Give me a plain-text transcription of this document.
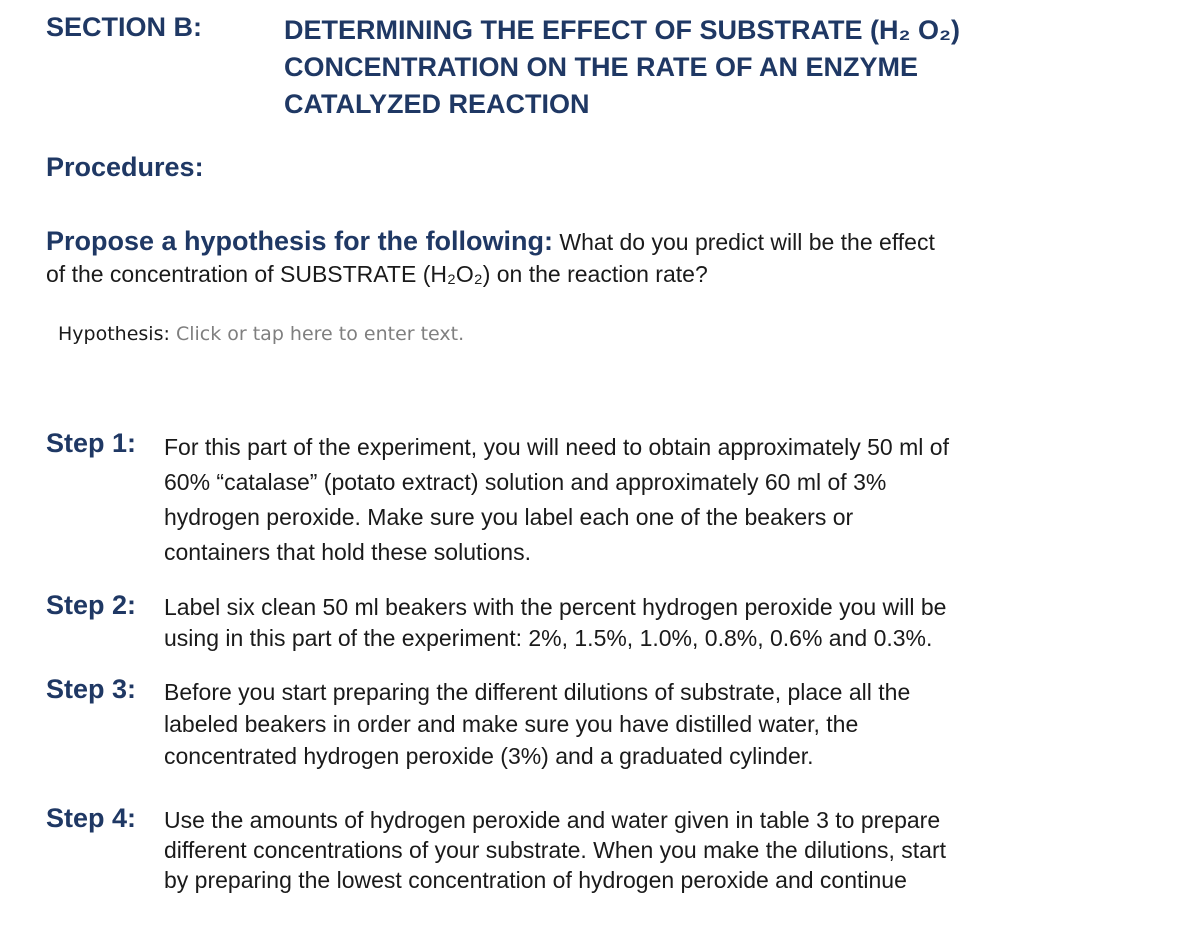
SECTION B:	DETERMINING THE EFFECT OF SUBSTRATE (H₂ O₂)
CONCENTRATION ON THE RATE OF AN ENZYME
CATALYZED REACTION
Procedures:
Propose a hypothesis for the following: What do you predict will be the effect
of the concentration of SUBSTRATE (H₂O₂) on the reaction rate?
Hypothesis: Click or tap here to enter text.
Step 1: For this part of the experiment, you will need to obtain approximately 50 ml of
60% “catalase” (potato extract) solution and approximately 60 ml of 3%
hydrogen peroxide. Make sure you label each one of the beakers or
containers that hold these solutions.
Step 2: Label six clean 50 ml beakers with the percent hydrogen peroxide you will be
using in this part of the experiment: 2%, 1.5%, 1.0%, 0.8%, 0.6% and 0.3%.
Step 3: Before you start preparing the different dilutions of substrate, place all the
labeled beakers in order and make sure you have distilled water, the
concentrated hydrogen peroxide (3%) and a graduated cylinder.
Step 4: Use the amounts of hydrogen peroxide and water given in table 3 to prepare
different concentrations of your substrate. When you make the dilutions, start
by preparing the lowest concentration of hydrogen peroxide and continue
